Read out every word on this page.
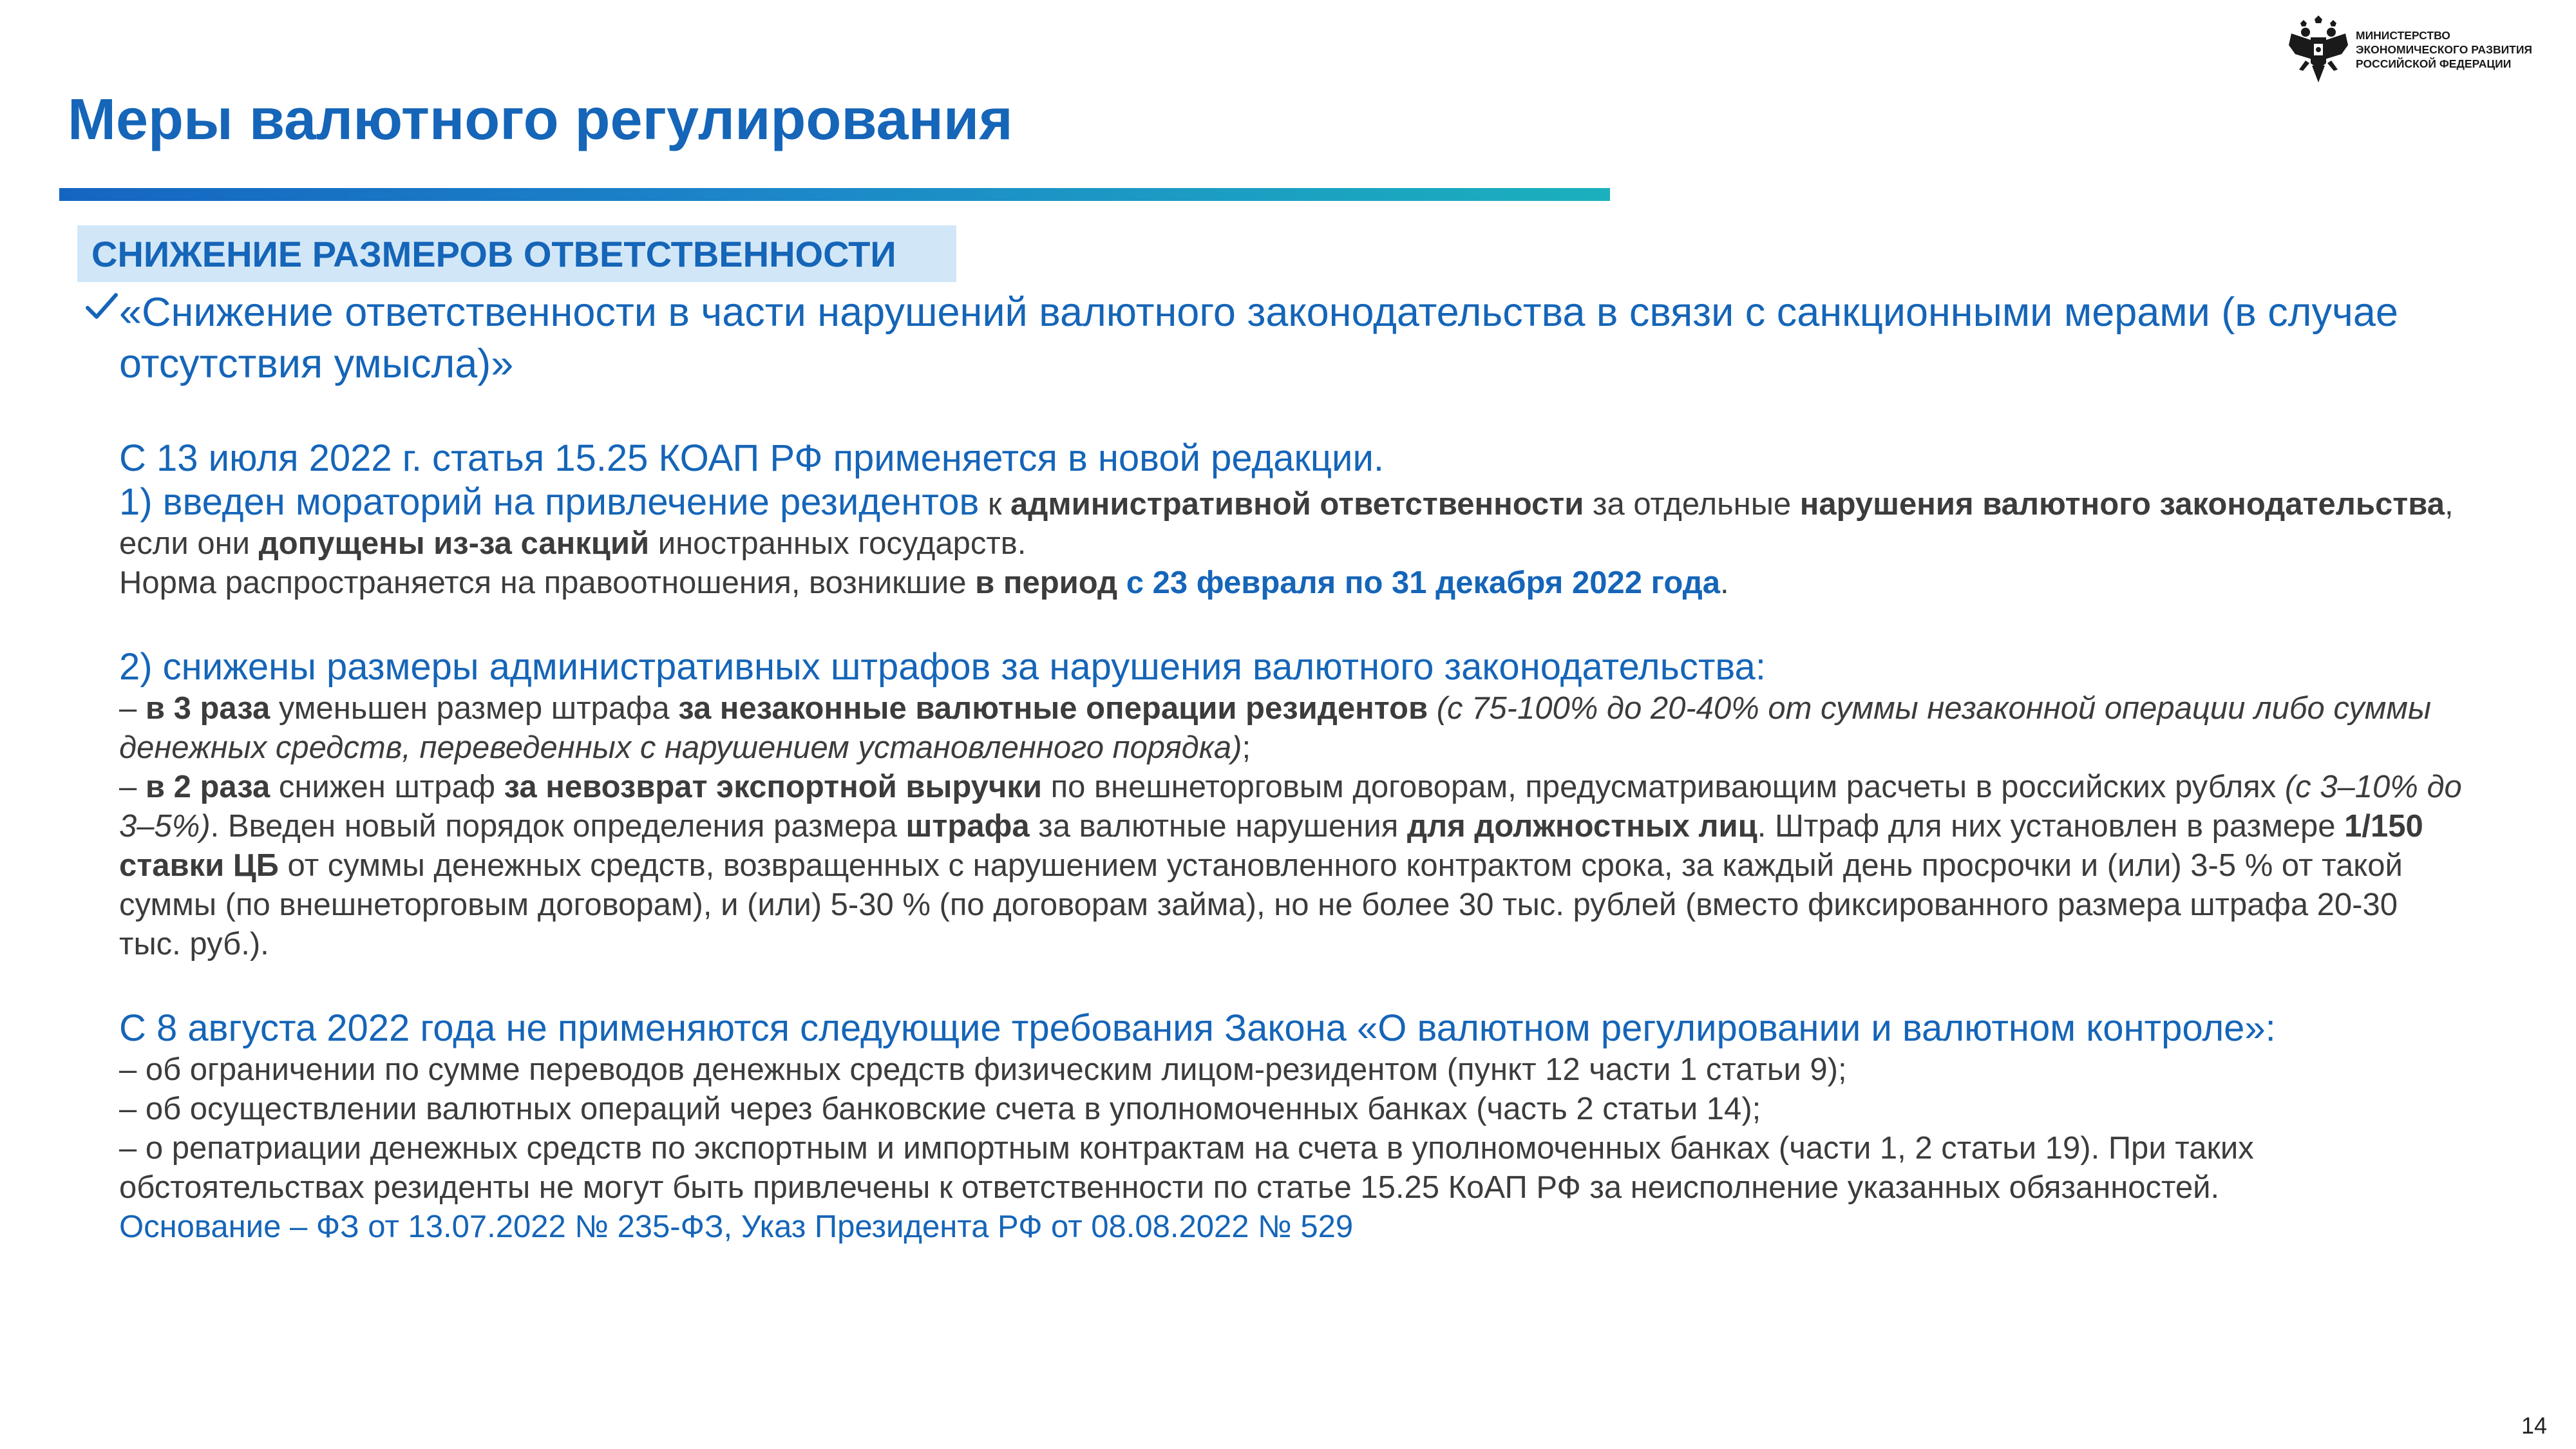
Меры валютного регулирования
МИНИСТЕРСТВО
ЭКОНОМИЧЕСКОГО РАЗВИТИЯ
РОССИЙСКОЙ ФЕДЕРАЦИИ
СНИЖЕНИЕ РАЗМЕРОВ ОТВЕТСТВЕННОСТИ
«Снижение ответственности в части нарушений валютного законодательства в связи с санкционными мерами (в случае отсутствия умысла)»

С 13 июля 2022 г. статья 15.25 КОАП РФ применяется в новой редакции.

1) введен мораторий на привлечение резидентов к административной ответственности за отдельные нарушения валютного законодательства, если они допущены из-за санкций иностранных государств.

Норма распространяется на правоотношения, возникшие в период с 23 февраля по 31 декабря 2022 года.

2) снижены размеры административных штрафов за нарушения валютного законодательства:

– в 3 раза уменьшен размер штрафа за незаконные валютные операции резидентов (с 75-100% до 20-40% от суммы незаконной операции либо суммы денежных средств, переведенных с нарушением установленного порядка);

– в 2 раза снижен штраф за невозврат экспортной выручки по внешнеторговым договорам, предусматривающим расчеты в российских рублях (с 3–10% до 3–5%). Введен новый порядок определения размера штрафа за валютные нарушения для должностных лиц. Штраф для них установлен в размере 1/150 ставки ЦБ от суммы денежных средств, возвращенных с нарушением установленного контрактом срока, за каждый день просрочки и (или) 3-5 % от такой суммы (по внешнеторговым договорам), и (или) 5-30 % (по договорам займа), но не более 30 тыс. рублей (вместо фиксированного размера штрафа 20-30 тыс. руб.).

С 8 августа 2022 года не применяются следующие требования Закона «О валютном регулировании и валютном контроле»:

– об ограничении по сумме переводов денежных средств физическим лицом-резидентом (пункт 12 части 1 статьи 9);

– об осуществлении валютных операций через банковские счета в уполномоченных банках (часть 2 статьи 14);

– о репатриации денежных средств по экспортным и импортным контрактам на счета в уполномоченных банках (части 1, 2 статьи 19). При таких обстоятельствах резиденты не могут быть привлечены к ответственности по статье 15.25 КоАП РФ за неисполнение указанных обязанностей.

Основание – ФЗ от 13.07.2022 № 235-ФЗ, Указ Президента РФ от 08.08.2022 № 529

14
